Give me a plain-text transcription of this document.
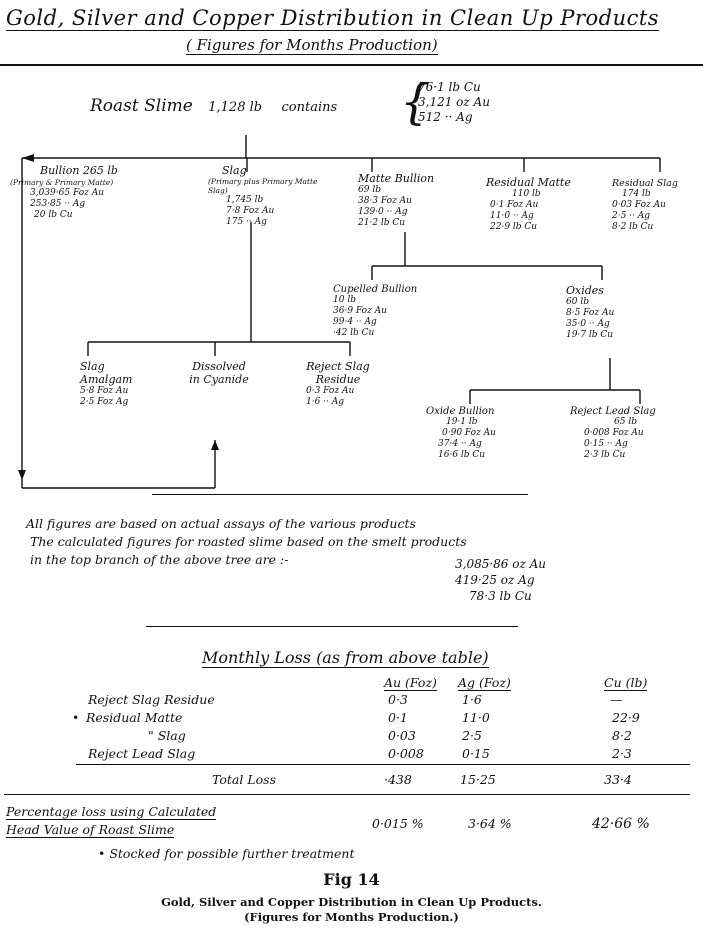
Gold, Silver and Copper Distribution in Clean Up Products
( Figures for Months Production)
Roast Slime 1,128 lb contains {
76·1 lb Cu
3,121 oz Au
512 ·· Ag
Bullion 265 lb
(Primary & Primary Matte)
3,039·65 Foz Au
253·85 ·· Ag
20 lb Cu
Slag
(Primary plus Primary Matte Slag)
1,745 lb
7·8 Foz Au
175 ·· Ag
Matte Bullion
69 lb
38·3 Foz Au
139·0 ·· Ag
21·2 lb Cu
Residual Matte
110 lb
0·1 Foz Au
11·0 ·· Ag
22·9 lb Cu
Residual Slag
174 lb
0·03 Foz Au
2·5 ·· Ag
8·2 lb Cu
Cupelled Bullion
10 lb
36·9 Foz Au
99·4 ·· Ag
·42 lb Cu
Oxides
60 lb
8·5 Foz Au
35·0 ·· Ag
19·7 lb Cu
Slag Amalgam
5·8 Foz Au
2·5 Foz Ag
Dissolved in Cyanide
Reject Slag Residue
0·3 Foz Au
1·6 ·· Ag
Oxide Bullion
19·1 lb
0·90 Foz Au
37·4 ·· Ag
16·6 lb Cu
Reject Lead Slag
65 lb
0·008 Foz Au
0·15 ·· Ag
2·3 lb Cu
All figures are based on actual assays of the various products
The calculated figures for roasted slime based on the smelt products
in the top branch of the above tree are :-	3,085·86 oz Au
419·25 oz Ag
78·3 lb Cu
Monthly Loss (as from above table)
Au (Foz) Ag (Foz)	Cu (lb)
Reject Slag Residue	0·3	1·6	—
• Residual Matte	0·1	11·0	22·9
" Slag	0·03	2·5	8·2
Reject Lead Slag	0·008	0·15	2·3
Total Loss	·438	15·25	33·4
Percentage loss using Calculated
Head Value of Roast Slime	0·015 %	3·64 %	42·66 %
• Stocked for possible further treatment
Fig 14
Gold, Silver and Copper Distribution in Clean Up Products.
(Figures for Months Production.)
